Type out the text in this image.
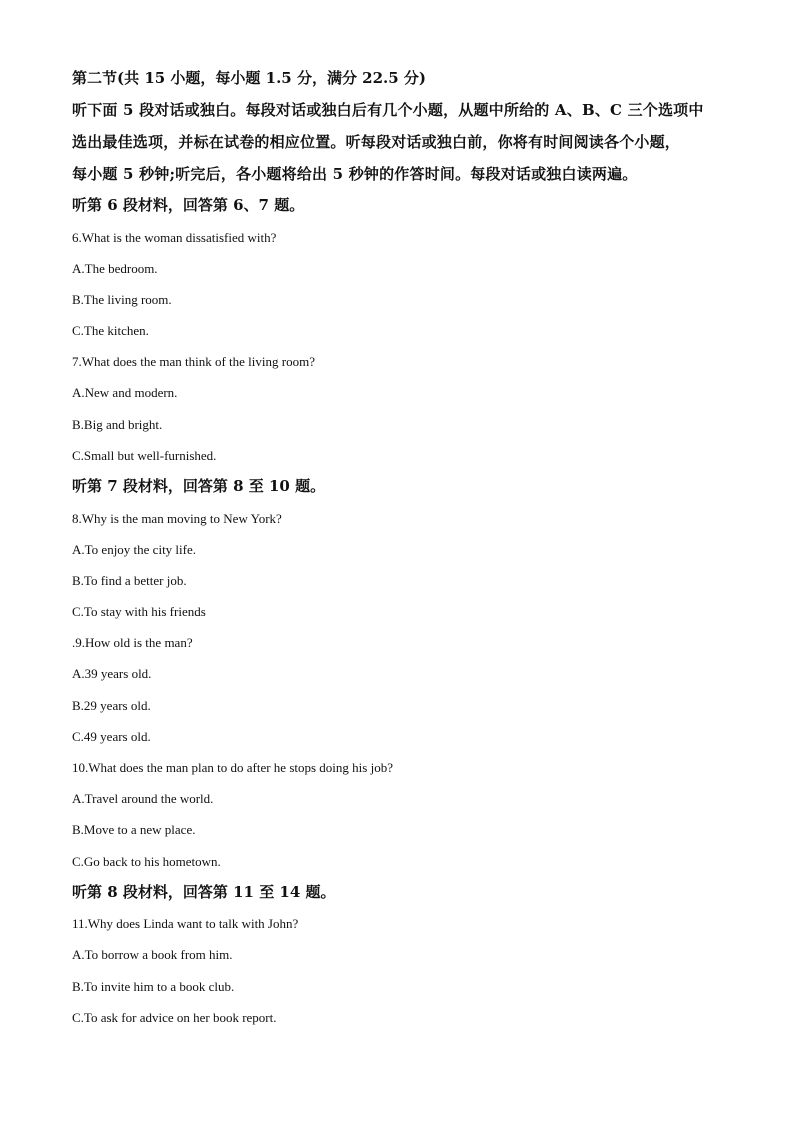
第二节(共 15 小题，每小题 1.5 分，满分 22.5 分)
听下面 5 段对话或独白。每段对话或独白后有几个小题，从题中所给的 A、B、C 三个选项中
选出最佳选项，并标在试卷的相应位置。听每段对话或独白前，你将有时间阅读各个小题，
每小题 5 秒钟;听完后，各小题将给出 5 秒钟的作答时间。每段对话或独白读两遍。
听第 6 段材料，回答第 6、7 题。
6.What is the woman dissatisfied with?
A.The bedroom.
B.The living room.
C.The kitchen.
7.What does the man think of the living room?
A.New and modern.
B.Big and bright.
C.Small but well-furnished.
听第 7 段材料，回答第 8 至 10 题。
8.Why is the man moving to New York?
A.To enjoy the city life.
B.To find a better job.
C.To stay with his friends
.9.How old is the man?
A.39 years old.
B.29 years old.
C.49 years old.
10.What does the man plan to do after he stops doing his job?
A.Travel around the world.
B.Move to a new place.
C.Go back to his hometown.
听第 8 段材料，回答第 11 至 14 题。
11.Why does Linda want to talk with John?
A.To borrow a book from him.
B.To invite him to a book club.
C.To ask for advice on her book report.
